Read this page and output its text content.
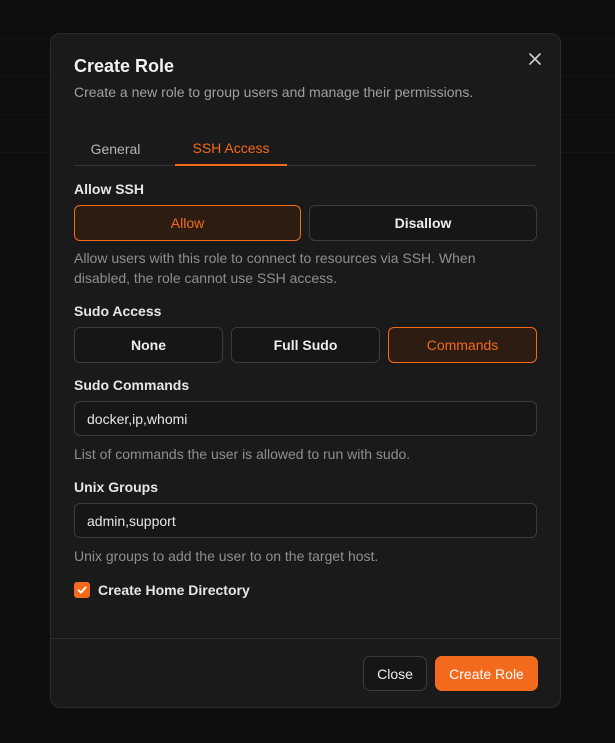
Create Role
Create a new role to group users and manage their permissions.
General	SSH Access
Allow SSH
Allow	Disallow
Allow users with this role to connect to resources via SSH. When disabled, the role cannot use SSH access.
Sudo Access
None	Full Sudo	Commands
Sudo Commands
docker,ip,whomi
List of commands the user is allowed to run with sudo.
Unix Groups
admin,support
Unix groups to add the user to on the target host.
Create Home Directory
Close	Create Role
